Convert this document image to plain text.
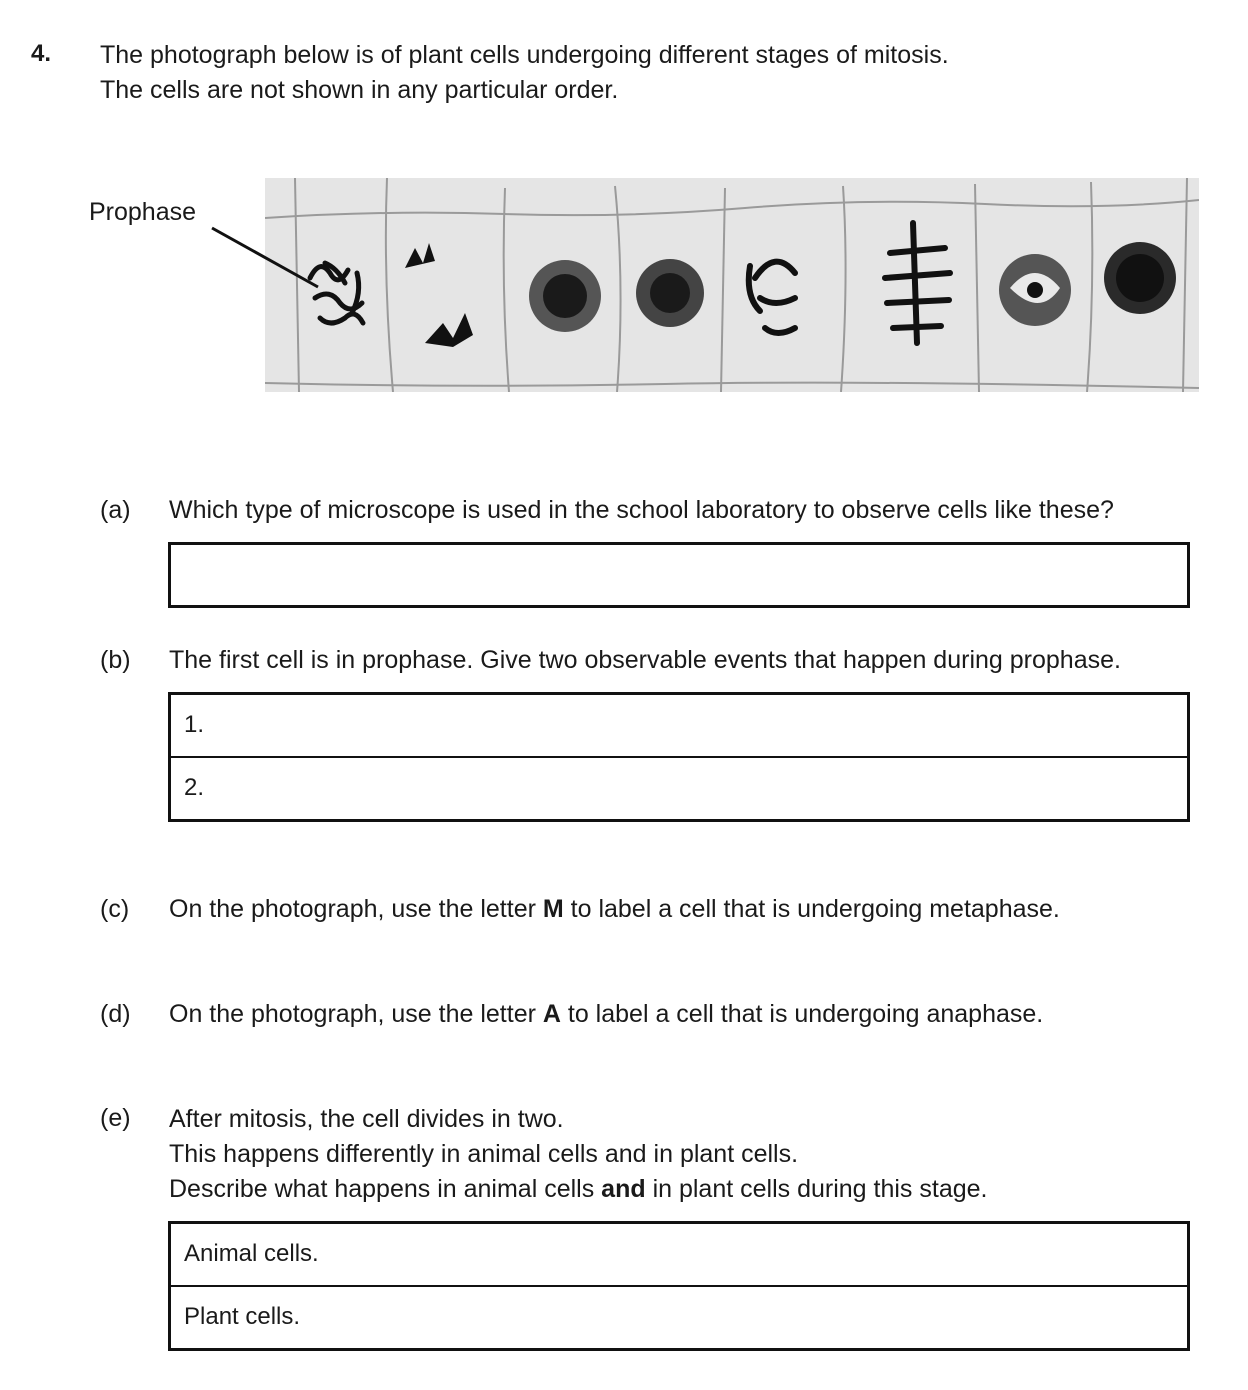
4. The photograph below is of plant cells undergoing different stages of mitosis.
The cells are not shown in any particular order.
Prophase
(a) Which type of microscope is used in the school laboratory to observe cells like these?
(b) The first cell is in prophase. Give two observable events that happen during prophase.
1.
2.
(c) On the photograph, use the letter M to label a cell that is undergoing metaphase.
(d) On the photograph, use the letter A to label a cell that is undergoing anaphase.
(e) After mitosis, the cell divides in two.
This happens differently in animal cells and in plant cells.
Describe what happens in animal cells and in plant cells during this stage.
Animal cells.
Plant cells.
